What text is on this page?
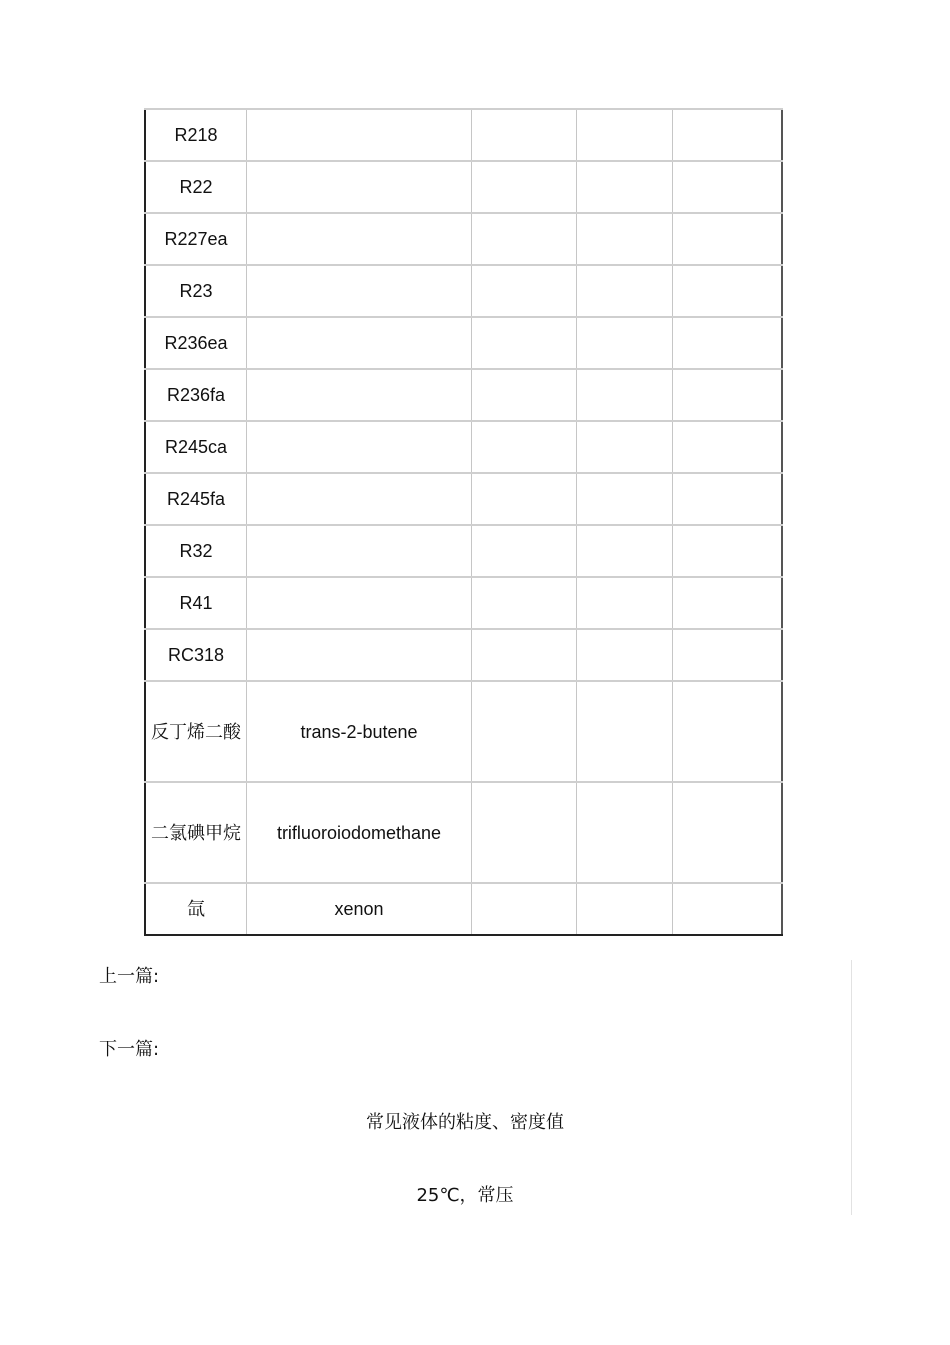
R218				
R22				
R227ea				
R23				
R236ea				
R236fa				
R245ca				
R245fa				
R32				
R41				
RC318				
反丁烯二酸	trans-2-butene			
二氯碘甲烷	trifluoroiodomethane			
氙	xenon			
上一篇:
下一篇:
常见液体的粘度、密度值
25℃，常压
